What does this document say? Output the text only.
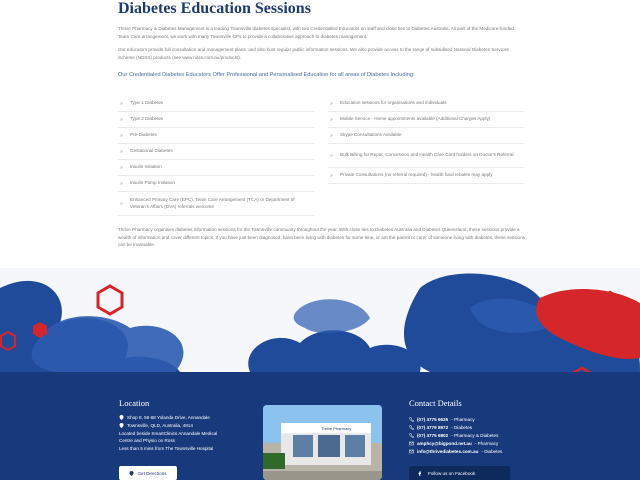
Diabetes Education Sessions

Thrive Pharmacy & Diabetes Management is a leading Townsville diabetes specialist, with two Credentialled Educators on staff and close ties to Diabetes Australia. As part of the Medicare-funded Team Care arrangement, we work with many Townsville GPs to provide a collaborative approach to diabetes management.

Our educators provide full consultation and management plans, and also host regular public information sessions. We also provide access to the range of subsidised National Diabetes Services Scheme (NDSS) products (see www.ndss.com.au/products).

Our Credentialed Diabetes Educators Offer Professional and Personalised Education for all areas of Diabetes Including:
» Type 1 Diabetes
» Type 2 Diabetes
» Pre-Diabetes
» Gestational Diabetes
» Insulin Initiation
» Insulin Pump Initiation
»
Enhanced Primary Care (EPC), Team Care Arrangement (TCA) or Department of Veteran's Affairs (DVA) referrals welcome
» Education sessions for organisations and individuals
» Mobile Service - Home appointments available (Additional Charges Apply)
» Skype Consultations Available
» Bulk Billing for Repat, Concession and Health Care Card holders on Doctor's Referral
» Private Consultations (no referral required) - health fund rebates may apply

Thrive Pharmacy organises diabetes information sessions for the Townsville community throughout the year. With close ties to Diabetes Australia and Diabetes Queensland, these sessions provide a wealth of information and cover different topics. If you have just been diagnosed, have been living with diabetes for some time, or are the parent or carer of someone living with diabetes, these sessions can be invaluable.

Location
Shop 8, 56-68 Yolanda Drive, Annandale
Townsville, QLD, Australia, 4814
Located beside SmartClinics Annandale Medical
Centre and Physio on Ross
Less than 5 mins from The Townsville Hospital
Get Directions
Thrive Pharmacy
Contact Details
(07) 4775 6635 - Pharmacy
(07) 4779 8972 - Diabetes
(07) 4775 6802 - Pharmacy & Diabetes
amphcy@bigpond.net.au - Pharmacy
info@thrivediabetes.com.au - Diabetes
Follow us on Facebook
